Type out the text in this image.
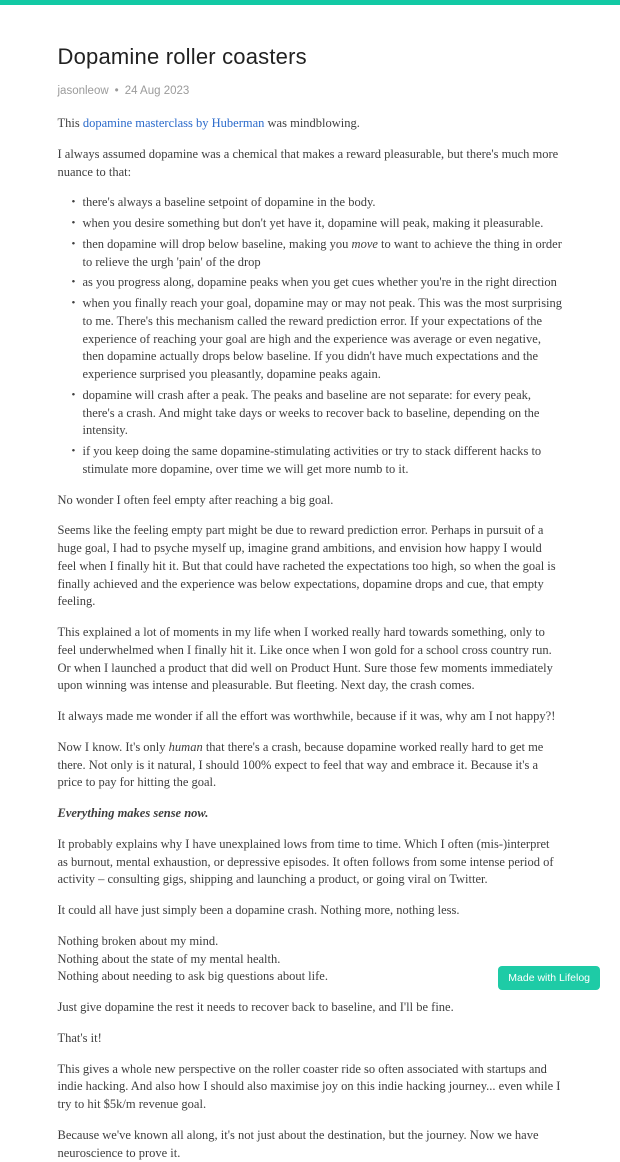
Dopamine roller coasters
jasonleow • 24 Aug 2023

This dopamine masterclass by Huberman was mindblowing.

I always assumed dopamine was a chemical that makes a reward pleasurable, but there's much more nuance to that:

• there's always a baseline setpoint of dopamine in the body.
• when you desire something but don't yet have it, dopamine will peak, making it pleasurable.
• then dopamine will drop below baseline, making you move to want to achieve the thing in order to relieve the urgh 'pain' of the drop
• as you progress along, dopamine peaks when you get cues whether you're in the right direction
• when you finally reach your goal, dopamine may or may not peak. This was the most surprising to me. There's this mechanism called the reward prediction error. If your expectations of the experience of reaching your goal are high and the experience was average or even negative, then dopamine actually drops below baseline. If you didn't have much expectations and the experience surprised you pleasantly, dopamine peaks again.
• dopamine will crash after a peak. The peaks and baseline are not separate: for every peak, there's a crash. And might take days or weeks to recover back to baseline, depending on the intensity.
• if you keep doing the same dopamine-stimulating activities or try to stack different hacks to stimulate more dopamine, over time we will get more numb to it.

No wonder I often feel empty after reaching a big goal.

Seems like the feeling empty part might be due to reward prediction error. Perhaps in pursuit of a huge goal, I had to psyche myself up, imagine grand ambitions, and envision how happy I would feel when I finally hit it. But that could have racheted the expectations too high, so when the goal is finally achieved and the experience was below expectations, dopamine drops and cue, that empty feeling.

This explained a lot of moments in my life when I worked really hard towards something, only to feel underwhelmed when I finally hit it. Like once when I won gold for a school cross country run. Or when I launched a product that did well on Product Hunt. Sure those few moments immediately upon winning was intense and pleasurable. But fleeting. Next day, the crash comes.

It always made me wonder if all the effort was worthwhile, because if it was, why am I not happy?!

Now I know. It's only human that there's a crash, because dopamine worked really hard to get me there. Not only is it natural, I should 100% expect to feel that way and embrace it. Because it's a price to pay for hitting the goal.

Everything makes sense now.

It probably explains why I have unexplained lows from time to time. Which I often (mis-)interpret as burnout, mental exhaustion, or depressive episodes. It often follows from some intense period of activity – consulting gigs, shipping and launching a product, or going viral on Twitter.

It could all have just simply been a dopamine crash. Nothing more, nothing less.

Nothing broken about my mind.
Nothing about the state of my mental health.
Nothing about needing to ask big questions about life.

Just give dopamine the rest it needs to recover back to baseline, and I'll be fine.

That's it!

This gives a whole new perspective on the roller coaster ride so often associated with startups and indie hacking. And also how I should also maximise joy on this indie hacking journey... even while I try to hit $5k/m revenue goal.

Because we've known all along, it's not just about the destination, but the journey. Now we have neuroscience to prove it.

Made with Lifelog
